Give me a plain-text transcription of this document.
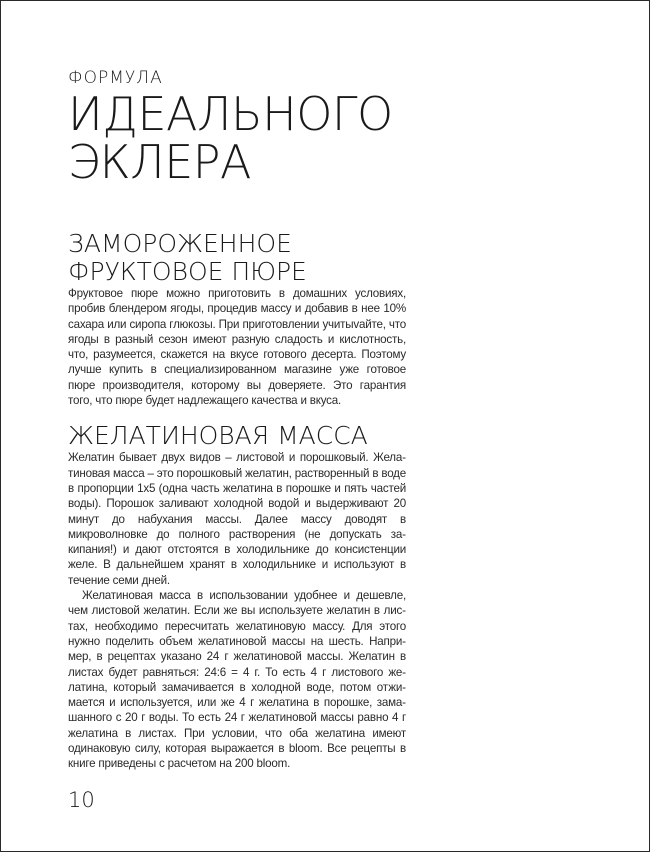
ФОРМУЛА
ИДЕАЛЬНОГО
ЭКЛЕРА
ЗАМОРОЖЕННОЕ
ФРУКТОВОЕ ПЮРЕ

Фруктовое пюре можно приготовить в домашних условиях, пробив блендером ягоды, процедив массу и добавив в нее 10% сахара или сиропа глюкозы. При приготовлении учитыvайте, что ягоды в разный сезон имеют разную сладость и кислотность, что, разумеется, скажется на вкусе готового десерта. Поэтому лучше купить в специализированном магазине уже готовое пюре производителя, которому вы доверяете. Это гарантия того, что пюре будет надлежащего качества и вкуса.

ЖЕЛАТИНОВАЯ МАССА

Желатин бывает двух видов – листовой и порошковый. Желатиновая масса – это порошковый желатин, растворенный в воде в пропорции 1х5 (одна часть желатина в порошке и пять частей воды). Порошок заливают холодной водой и выдерживают 20 минут до набухания массы. Далее массу доводят в микроволновке до полного растворения (не допускать закипания!) и дают отстоятся в холодильнике до консистенции желе. В дальнейшем хранят в холодильнике и используют в течение семи дней.

Желатиновая масса в использовании удобнее и дешевле, чем листовой желатин. Если же вы используете желатин в листах, необходимо пересчитать желатиновую массу. Для этого нужно поделить объем желатиновой массы на шесть. Например, в рецептах указано 24 г желатиновой массы. Желатин в листах будет равняться: 24:6 = 4 г. То есть 4 г листового желатина, который замачивается в холодной воде, потом отжимается и используется, или же 4 г желатина в порошке, замашанного с 20 г воды. То есть 24 г желатиновой массы равно 4 г желатина в листах. При условии, что оба желатина имеют одинаковую силу, которая выражается в bloom. Все рецепты в книге приведены с расчетом на 200 bloom.

10
